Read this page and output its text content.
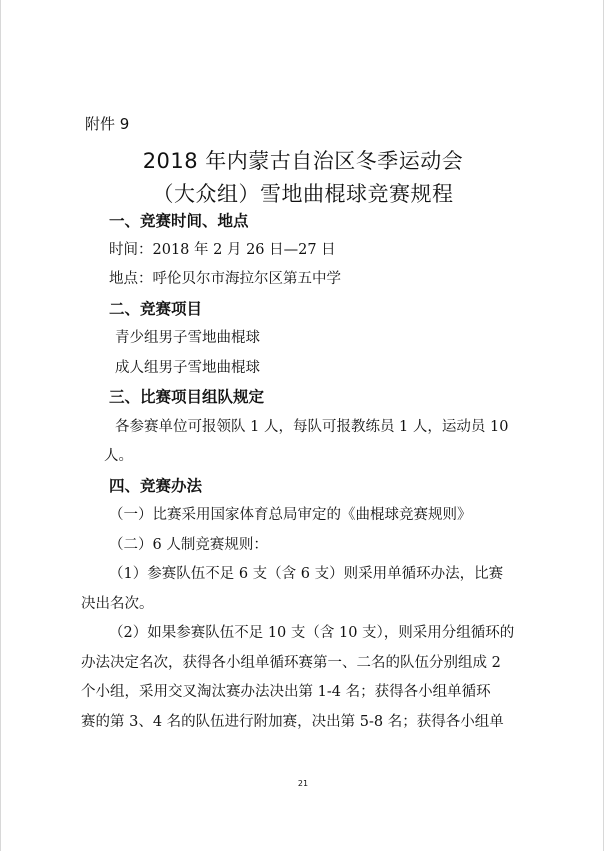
附件 9
2018 年内蒙古自治区冬季运动会
（大众组）雪地曲棍球竞赛规程
一、竞赛时间、地点
时间：2018 年 2 月 26 日—27 日
地点：呼伦贝尔市海拉尔区第五中学
二、竞赛项目
青少组男子雪地曲棍球
成人组男子雪地曲棍球
三、比赛项目组队规定
各参赛单位可报领队 1 人，每队可报教练员 1 人，运动员 10
人。
四、竞赛办法
（一）比赛采用国家体育总局审定的《曲棍球竞赛规则》
（二）6 人制竞赛规则：
（1）参赛队伍不足 6 支（含 6 支）则采用单循环办法，比赛
决出名次。
（2）如果参赛队伍不足 10 支（含 10 支），则采用分组循环的
办法决定名次，获得各小组单循环赛第一、二名的队伍分别组成 2
个小组，采用交叉淘汰赛办法决出第 1-4 名；获得各小组单循环
赛的第 3、4 名的队伍进行附加赛，决出第 5-8 名；获得各小组单
21
